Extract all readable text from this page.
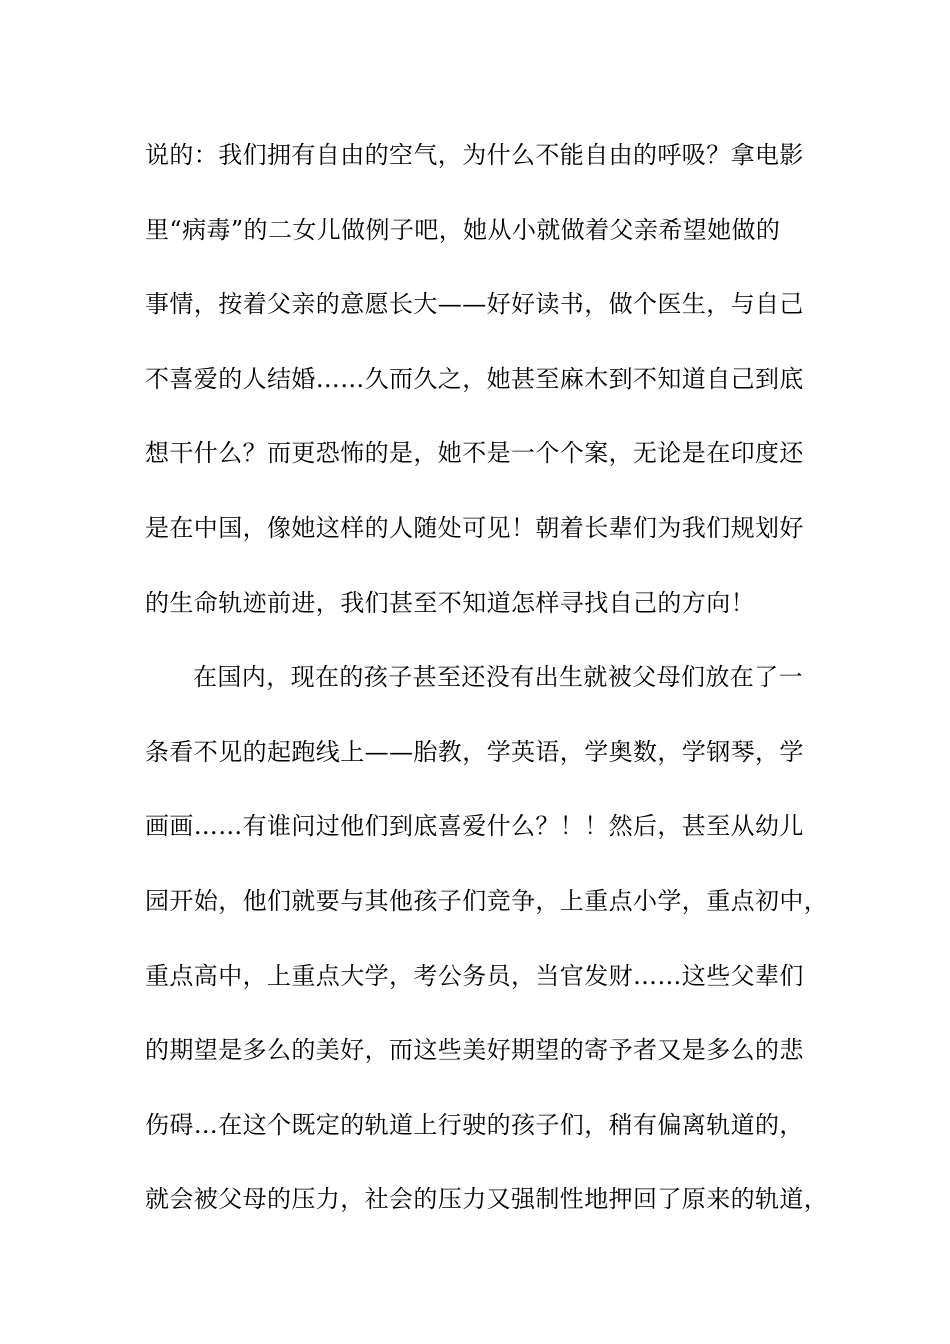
说的：我们拥有自由的空气，为什么不能自由的呼吸？拿电影
里“病毒”的二女儿做例子吧，她从小就做着父亲希望她做的
事情，按着父亲的意愿长大——好好读书，做个医生，与自己
不喜爱的人结婚……久而久之，她甚至麻木到不知道自己到底
想干什么？而更恐怖的是，她不是一个个案，无论是在印度还
是在中国，像她这样的人随处可见！朝着长辈们为我们规划好
的生命轨迹前进，我们甚至不知道怎样寻找自己的方向！
在国内，现在的孩子甚至还没有出生就被父母们放在了一
条看不见的起跑线上——胎教，学英语，学奥数，学钢琴，学
画画……有谁问过他们到底喜爱什么？！！然后，甚至从幼儿
园开始，他们就要与其他孩子们竞争，上重点小学，重点初中，
重点高中，上重点大学，考公务员，当官发财……这些父辈们
的期望是多么的美好，而这些美好期望的寄予者又是多么的悲
伤碍…在这个既定的轨道上行驶的孩子们，稍有偏离轨道的，
就会被父母的压力，社会的压力又强制性地押回了原来的轨道，
